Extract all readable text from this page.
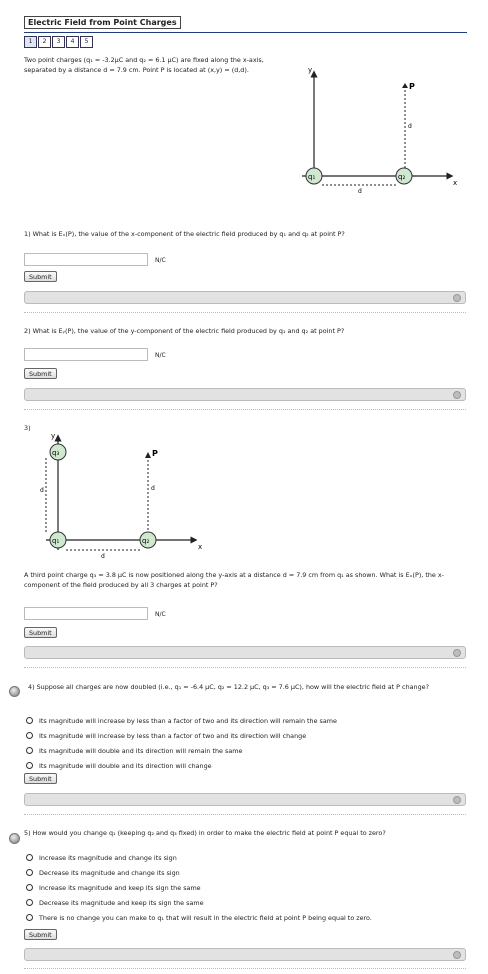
Electric Field from Point Charges
1	2	3	4	5
Two point charges (q₁ = -3.2μC and q₂ = 6.1 μC) are fixed along the x-axis, separated by a distance d = 7.9 cm. Point P is located at (x,y) = (d,d).	y
x
P
d
d
q₁	q₂
1) What is Eₓ(P), the value of the x-component of the electric field produced by q₁ and q₂ at point P?
N/C
Submit
2) What is Eᵧ(P), the value of the y-component of the electric field produced by q₁ and q₂ at point P?
N/C
Submit
3)
y
x
P
d
d
d
q₃
q₁	q₂
A third point charge q₃ = 3.8 μC is now positioned along the y-axis at a distance d = 7.9 cm from q₁ as shown. What is Eₓ(P), the x-component of the field produced by all 3 charges at point P?
N/C
Submit
4) Suppose all charges are now doubled (i.e., q₁ = -6.4 μC, q₂ = 12.2 μC, q₃ = 7.6 μC), how will the electric field at P change?
Its magnitude will increase by less than a factor of two and its direction will remain the same
Its magnitude will increase by less than a factor of two and its direction will change
Its magnitude will double and its direction will remain the same
Its magnitude will double and its direction will change
Submit
5) How would you change q₁ (keeping q₂ and q₃ fixed) in order to make the electric field at point P equal to zero?
Increase its magnitude and change its sign
Decrease its magnitude and change its sign
Increase its magnitude and keep its sign the same
Decrease its magnitude and keep its sign the same
There is no change you can make to q₁ that will result in the electric field at point P being equal to zero.
Submit
